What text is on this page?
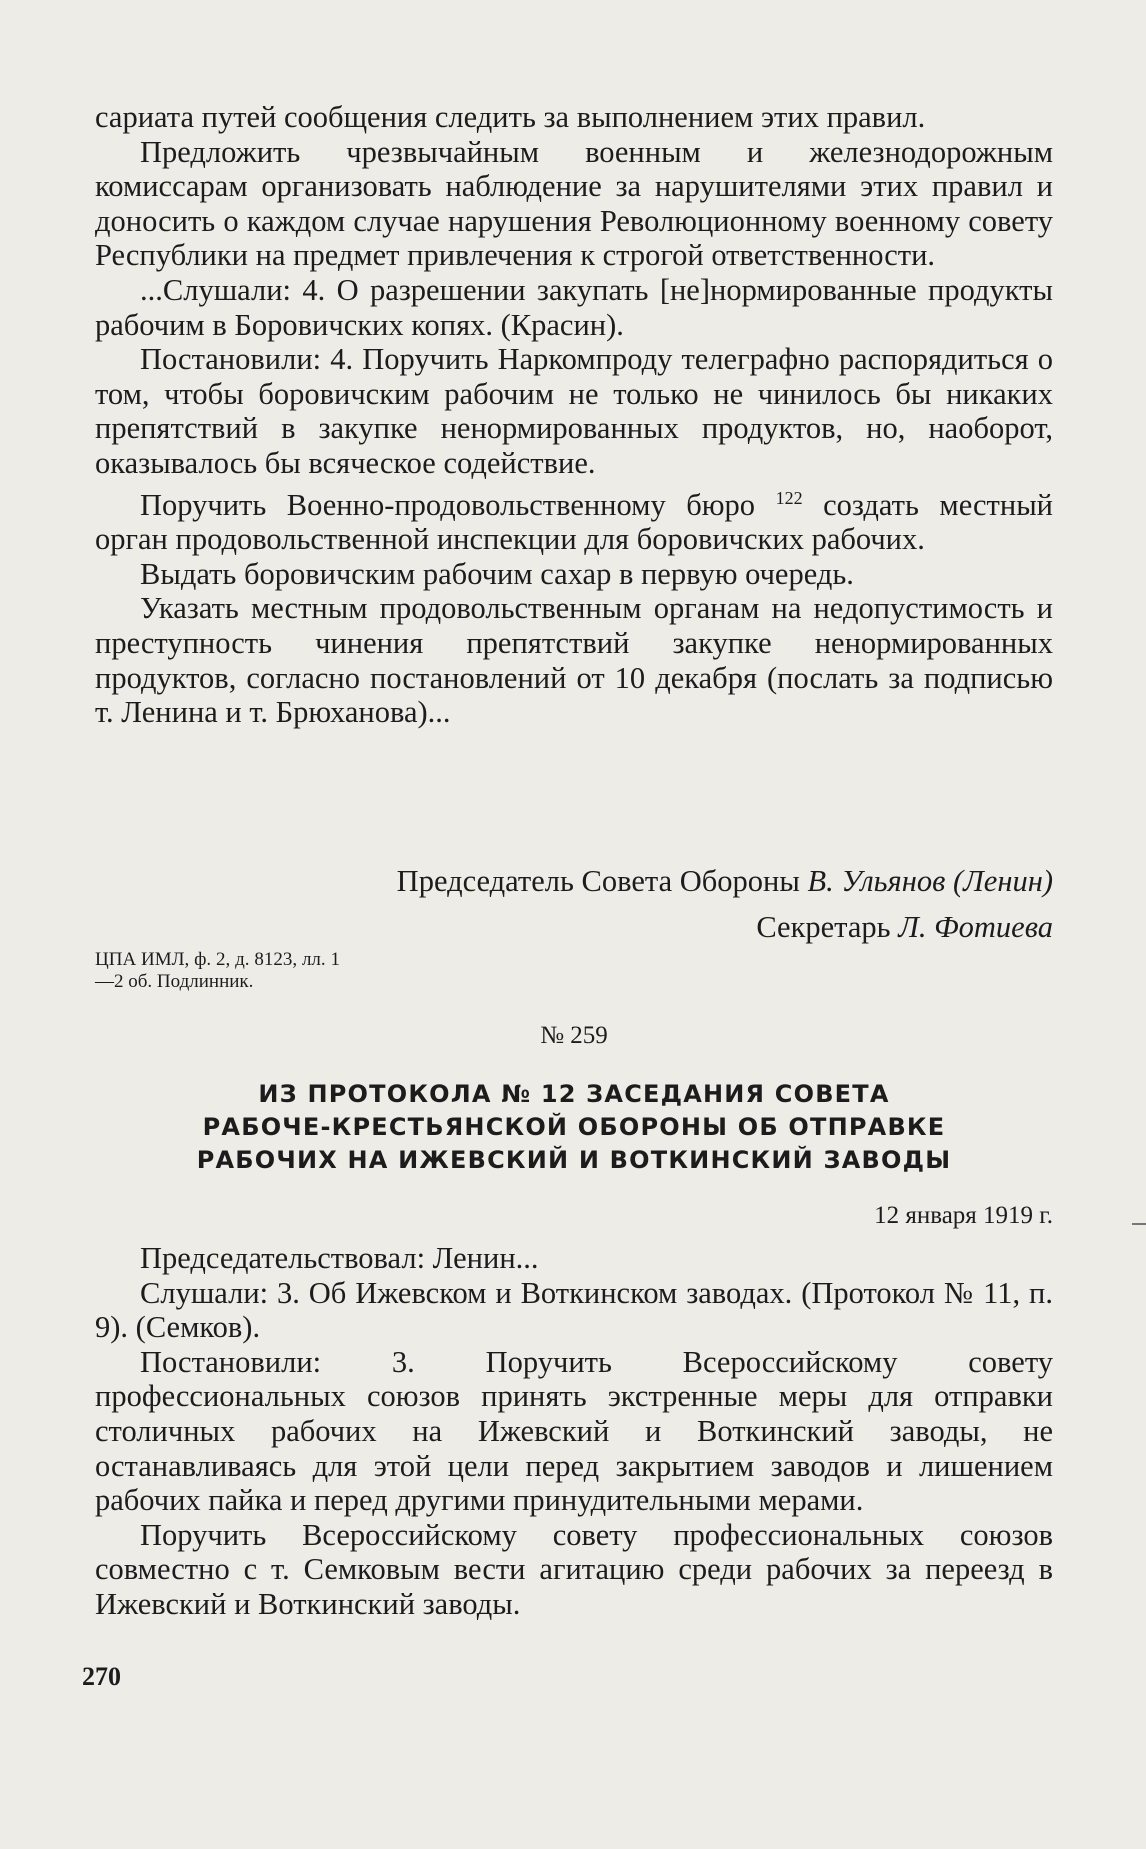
сариата путей сообщения следить за выполнением этих правил.

Предложить чрезвычайным военным и железнодорожным комиссарам организовать наблюдение за нарушителями этих правил и доносить о каждом случае нарушения Революционному военному совету Республики на предмет привлечения к строгой ответственности.

...Слушали: 4. О разрешении закупать [не]нормированные продукты рабочим в Боровичских копях. (Красин).

Постановили: 4. Поручить Наркомпроду телеграфно распорядиться о том, чтобы боровичским рабочим не только не чинилось бы никаких препятствий в закупке ненормированных продуктов, но, наоборот, оказывалось бы всяческое содействие.

Поручить Военно-продовольственному бюро $^{122}$ создать местный орган продовольственной инспекции для боровичских рабочих.

Выдать боровичским рабочим сахар в первую очередь.

Указать местным продовольственным органам на недопустимость и преступность чинения препятствий закупке ненормированных продуктов, согласно постановлений от 10 декабря (послать за подписью т. Ленина и т. Брюханова)...

Председатель Совета Обороны В. Ульянов (Ленин)

Секретарь Л. Фотиева

ЦПА ИМЛ, ф. 2, д. 8123, лл. 1—2 об. Подлинник.

№ 259

ИЗ ПРОТОКОЛА № 12 ЗАСЕДАНИЯ СОВЕТА

РАБОЧЕ-КРЕСТЬЯНСКОЙ ОБОРОНЫ ОБ ОТПРАВКЕ

РАБОЧИХ НА ИЖЕВСКИЙ И ВОТКИНСКИЙ ЗАВОДЫ

12 января 1919 г.

Председательствовал: Ленин...

Слушали: 3. Об Ижевском и Воткинском заводах. (Протокол № 11, п. 9). (Семков).

Постановили: 3. Поручить Всероссийскому совету профессиональных союзов принять экстренные меры для отправки столичных рабочих на Ижевский и Воткинский заводы, не останавливаясь для этой цели перед закрытием заводов и лишением рабочих пайка и перед другими принудительными мерами.

Поручить Всероссийскому совету профессиональных союзов совместно с т. Семковым вести агитацию среди рабочих за переезд в Ижевский и Воткинский заводы.

270
